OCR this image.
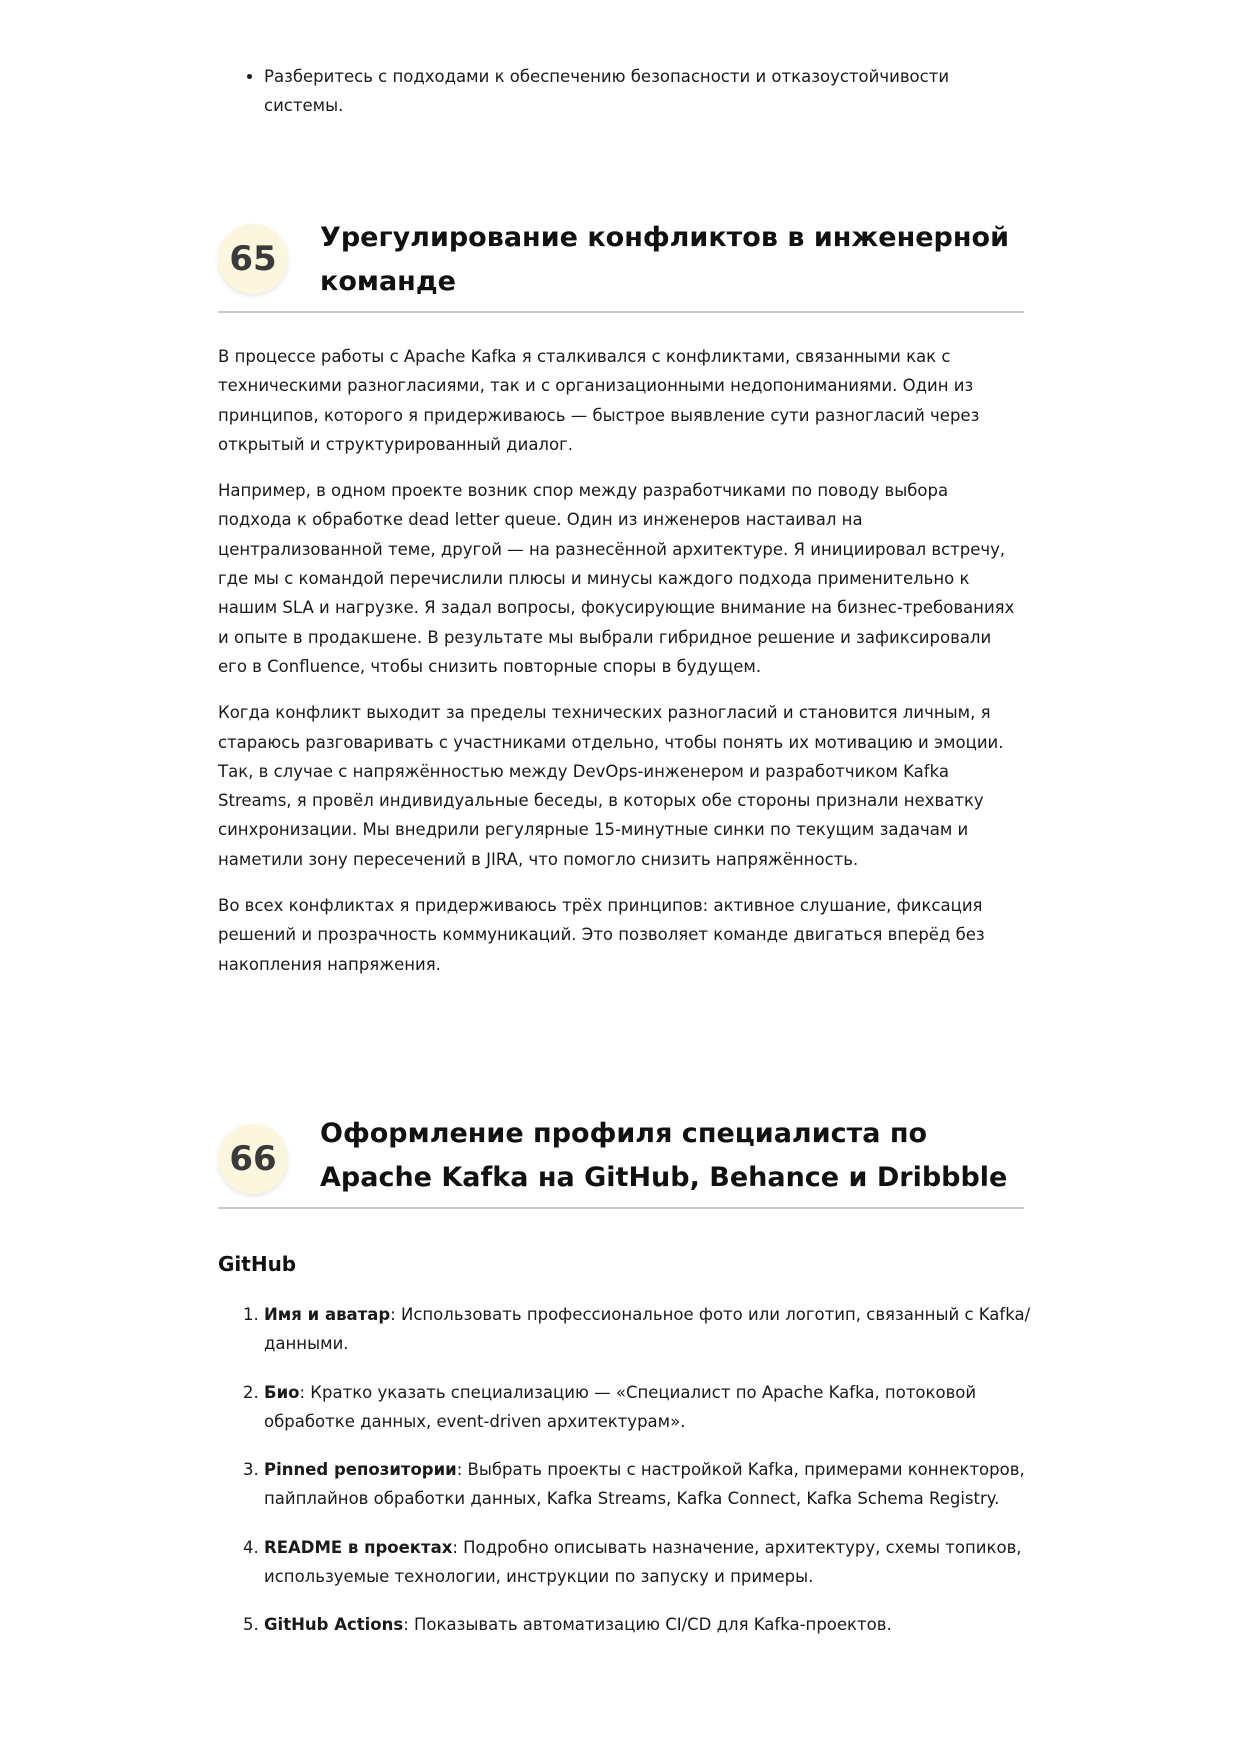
• Разберитесь с подходами к обеспечению безопасности и отказоустойчивости системы.
65
Урегулирование конфликтов в инженерной команде

В процессе работы с Apache Kafka я сталкивался с конфликтами, связанными как с техническими разногласиями, так и с организационными недопониманиями. Один из принципов, которого я придерживаюсь — быстрое выявление сути разногласий через открытый и структурированный диалог.

Например, в одном проекте возник спор между разработчиками по поводу выбора подхода к обработке dead letter queue. Один из инженеров настаивал на централизованной теме, другой — на разнесённой архитектуре. Я инициировал встречу, где мы с командой перечислили плюсы и минусы каждого подхода применительно к нашим SLA и нагрузке. Я задал вопросы, фокусирующие внимание на бизнес-требованиях и опыте в продакшене. В результате мы выбрали гибридное решение и зафиксировали его в Confluence, чтобы снизить повторные споры в будущем.

Когда конфликт выходит за пределы технических разногласий и становится личным, я стараюсь разговаривать с участниками отдельно, чтобы понять их мотивацию и эмоции. Так, в случае с напряжённостью между DevOps-инженером и разработчиком Kafka Streams, я провёл индивидуальные беседы, в которых обе стороны признали нехватку синхронизации. Мы внедрили регулярные 15-минутные синки по текущим задачам и наметили зону пересечений в JIRA, что помогло снизить напряжённость.

Во всех конфликтах я придерживаюсь трёх принципов: активное слушание, фиксация решений и прозрачность коммуникаций. Это позволяет команде двигаться вперёд без накопления напряжения.

66
Оформление профиля специалиста по Apache Kafka на GitHub, Behance и Dribbble
GitHub
1. Имя и аватар: Использовать профессиональное фото или логотип, связанный с Kafka/данными.
2. Био: Кратко указать специализацию — «Специалист по Apache Kafka, потоковой обработке данных, event-driven архитектурам».
3. Pinned репозитории: Выбрать проекты с настройкой Kafka, примерами коннекторов, пайплайнов обработки данных, Kafka Streams, Kafka Connect, Kafka Schema Registry.
4. README в проектах: Подробно описывать назначение, архитектуру, схемы топиков, используемые технологии, инструкции по запуску и примеры.
5. GitHub Actions: Показывать автоматизацию CI/CD для Kafka-проектов.
